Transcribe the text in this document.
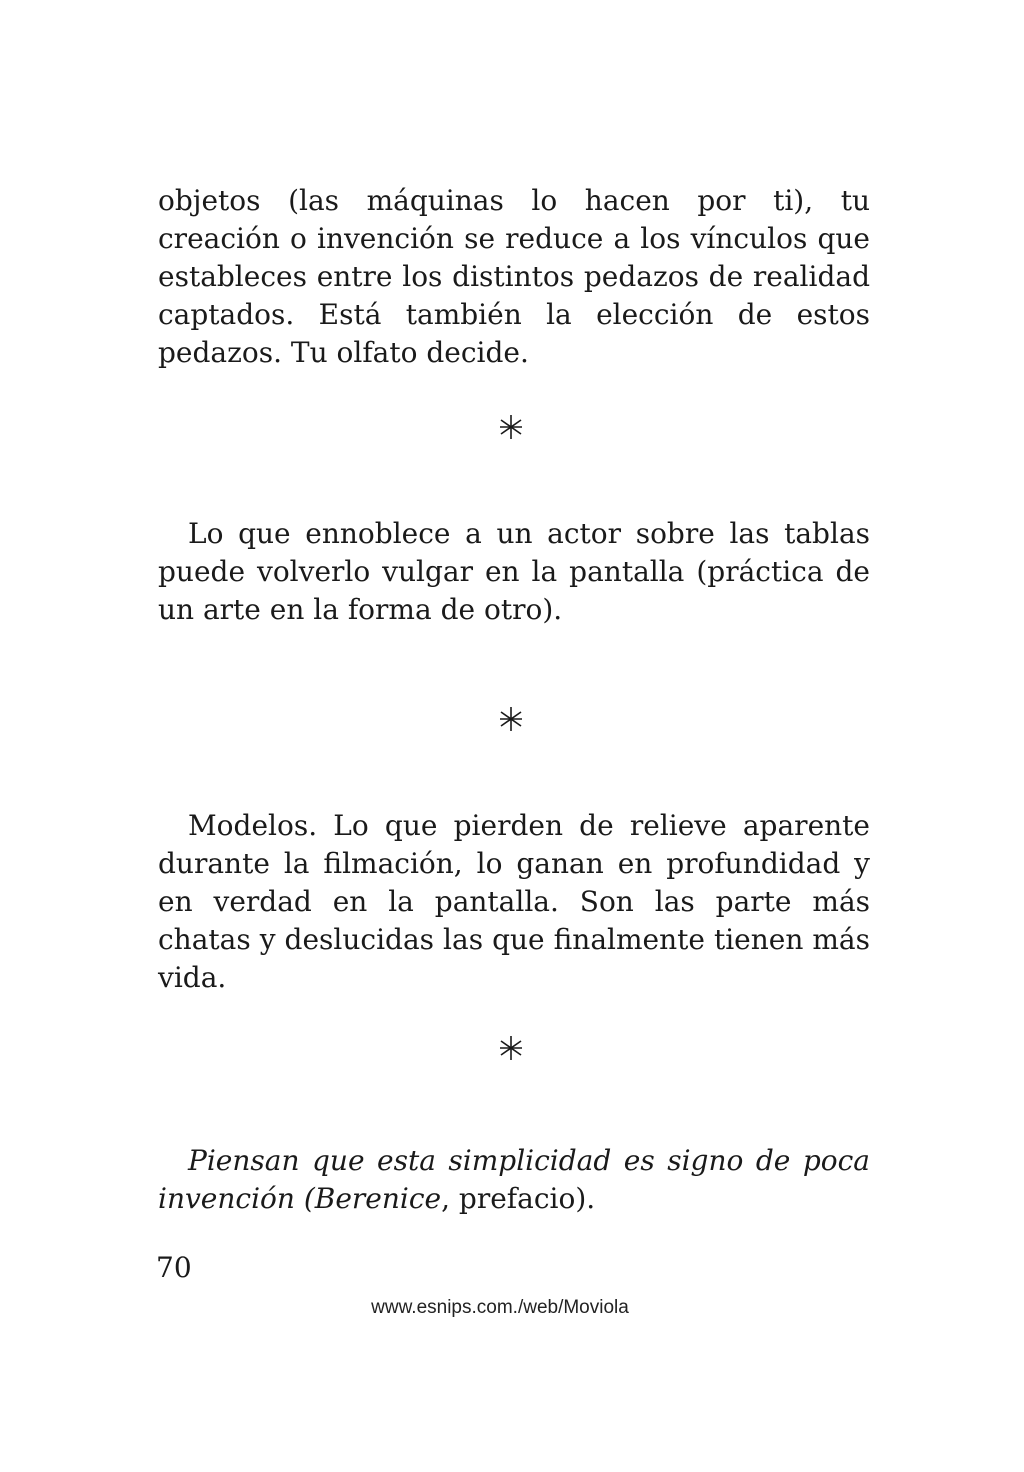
objetos (las máquinas lo hacen por ti), tu creación o invención se reduce a los vínculos que estableces entre los distintos pedazos de realidad captados. Está también la elección de estos pedazos. Tu olfato decide.

Lo que ennoblece a un actor sobre las tablas puede volverlo vulgar en la pantalla (práctica de un arte en la forma de otro).

Modelos. Lo que pierden de relieve aparente durante la filmación, lo ganan en profundidad y en verdad en la pantalla. Son las parte más chatas y deslucidas las que finalmente tienen más vida.

Piensan que esta simplicidad es signo de poca invención (Berenice, prefacio).

70
www.esnips.com./web/Moviola
